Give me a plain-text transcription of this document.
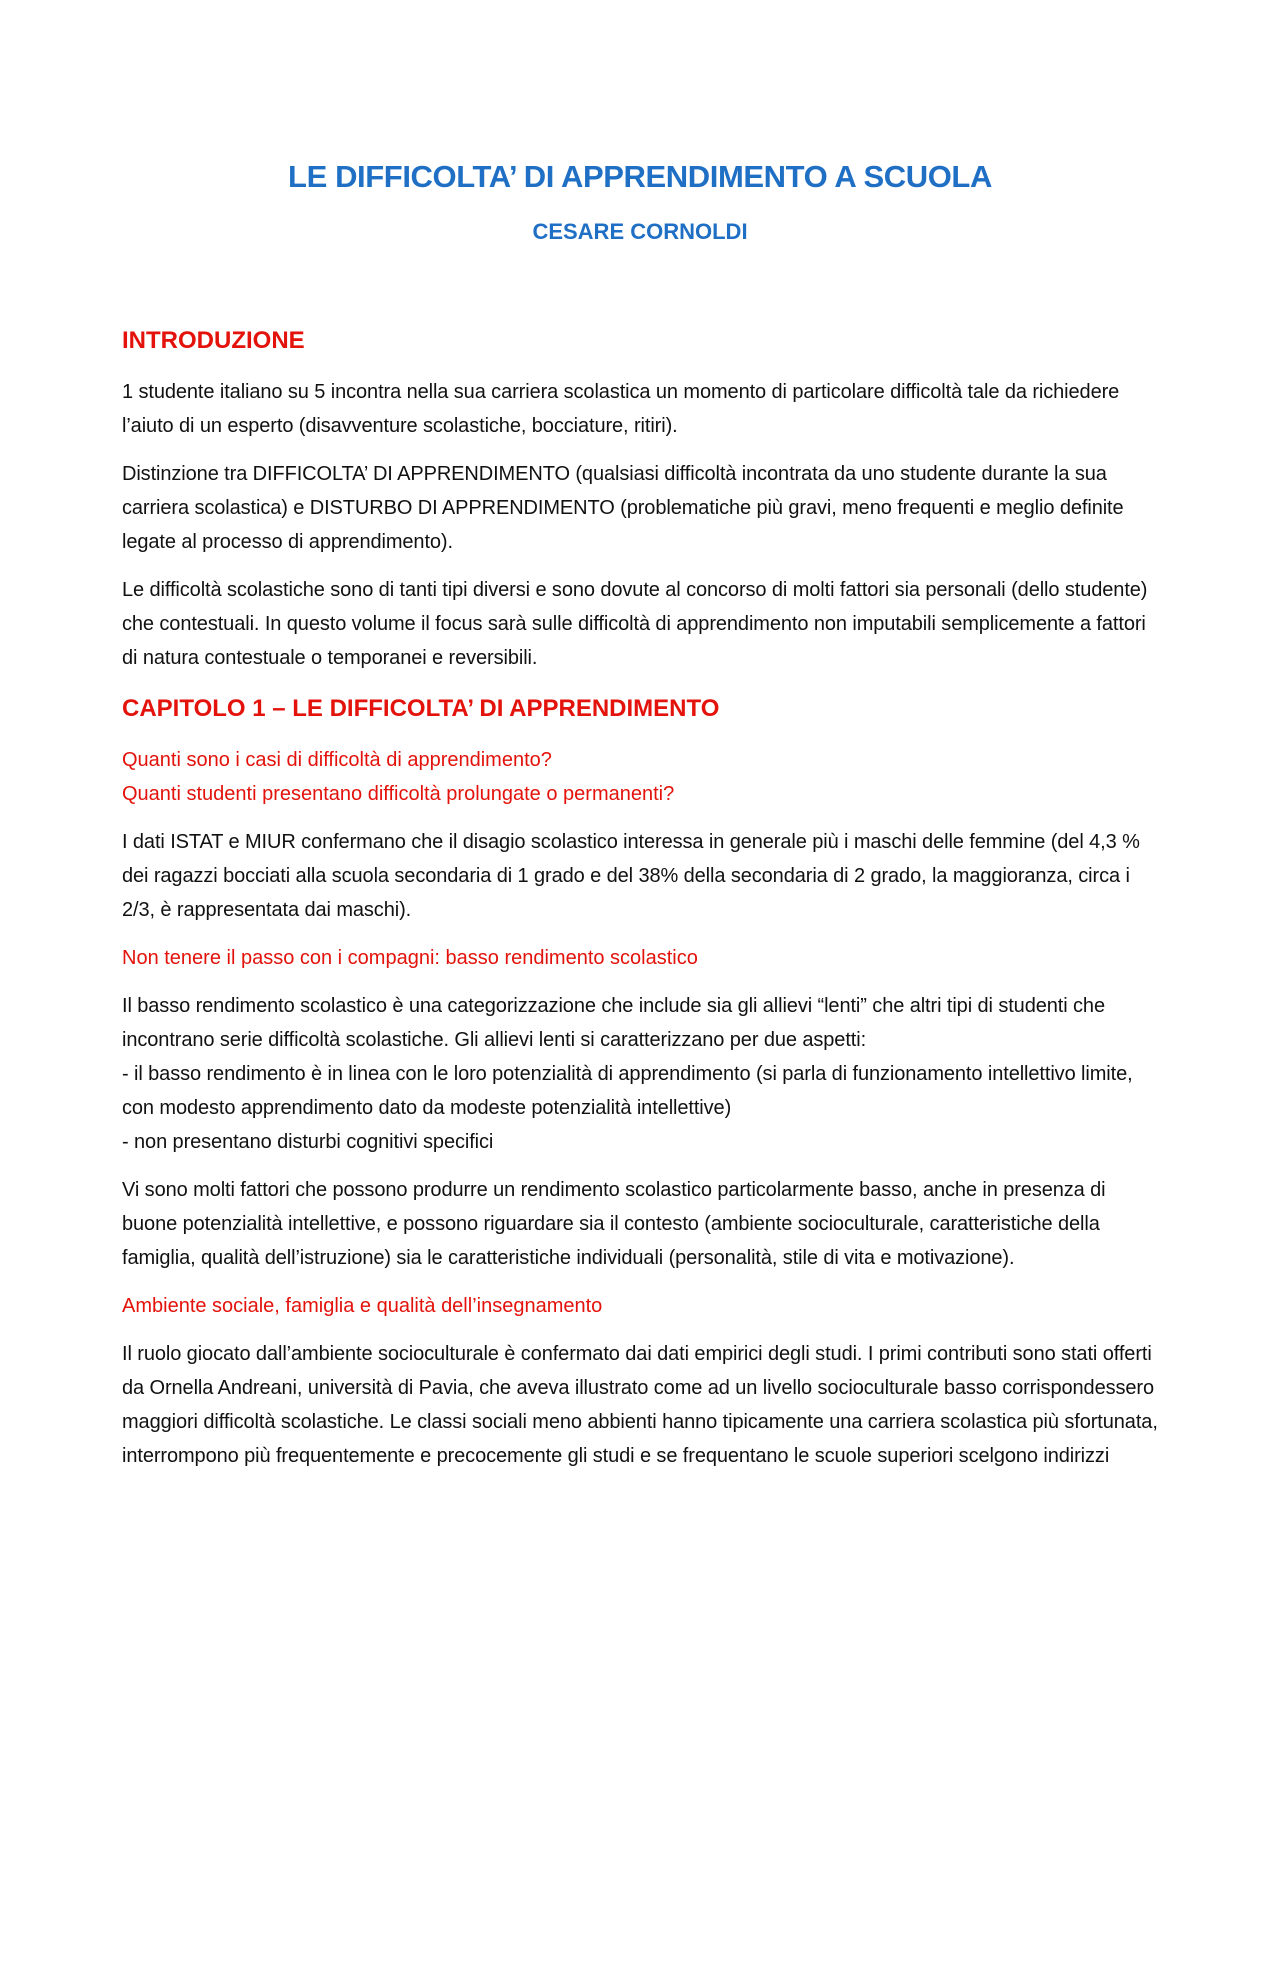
LE DIFFICOLTA’ DI APPRENDIMENTO A SCUOLA
CESARE CORNOLDI
INTRODUZIONE

1 studente italiano su 5 incontra nella sua carriera scolastica un momento di particolare difficoltà tale da richiedere l’aiuto di un esperto (disavventure scolastiche, bocciature, ritiri).

Distinzione tra DIFFICOLTA’ DI APPRENDIMENTO (qualsiasi difficoltà incontrata da uno studente durante la sua carriera scolastica) e DISTURBO DI APPRENDIMENTO (problematiche più gravi, meno frequenti e meglio definite legate al processo di apprendimento).

Le difficoltà scolastiche sono di tanti tipi diversi e sono dovute al concorso di molti fattori sia personali (dello studente) che contestuali. In questo volume il focus sarà sulle difficoltà di apprendimento non imputabili semplicemente a fattori di natura contestuale o temporanei e reversibili.

CAPITOLO 1 – LE DIFFICOLTA’ DI APPRENDIMENTO
Quanti sono i casi di difficoltà di apprendimento?
Quanti studenti presentano difficoltà prolungate o permanenti?

I dati ISTAT e MIUR confermano che il disagio scolastico interessa in generale più i maschi delle femmine (del 4,3 % dei ragazzi bocciati alla scuola secondaria di 1 grado e del 38% della secondaria di 2 grado, la maggioranza, circa i 2/3, è rappresentata dai maschi).

Non tenere il passo con i compagni: basso rendimento scolastico

Il basso rendimento scolastico è una categorizzazione che include sia gli allievi “lenti” che altri tipi di studenti che incontrano serie difficoltà scolastiche. Gli allievi lenti si caratterizzano per due aspetti:
- il basso rendimento è in linea con le loro potenzialità di apprendimento (si parla di funzionamento intellettivo limite, con modesto apprendimento dato da modeste potenzialità intellettive)
- non presentano disturbi cognitivi specifici

Vi sono molti fattori che possono produrre un rendimento scolastico particolarmente basso, anche in presenza di buone potenzialità intellettive, e possono riguardare sia il contesto (ambiente socioculturale, caratteristiche della famiglia, qualità dell’istruzione) sia le caratteristiche individuali (personalità, stile di vita e motivazione).

Ambiente sociale, famiglia e qualità dell’insegnamento

Il ruolo giocato dall’ambiente socioculturale è confermato dai dati empirici degli studi. I primi contributi sono stati offerti da Ornella Andreani, università di Pavia, che aveva illustrato come ad un livello socioculturale basso corrispondessero maggiori difficoltà scolastiche. Le classi sociali meno abbienti hanno tipicamente una carriera scolastica più sfortunata, interrompono più frequentemente e precocemente gli studi e se frequentano le scuole superiori scelgono indirizzi
